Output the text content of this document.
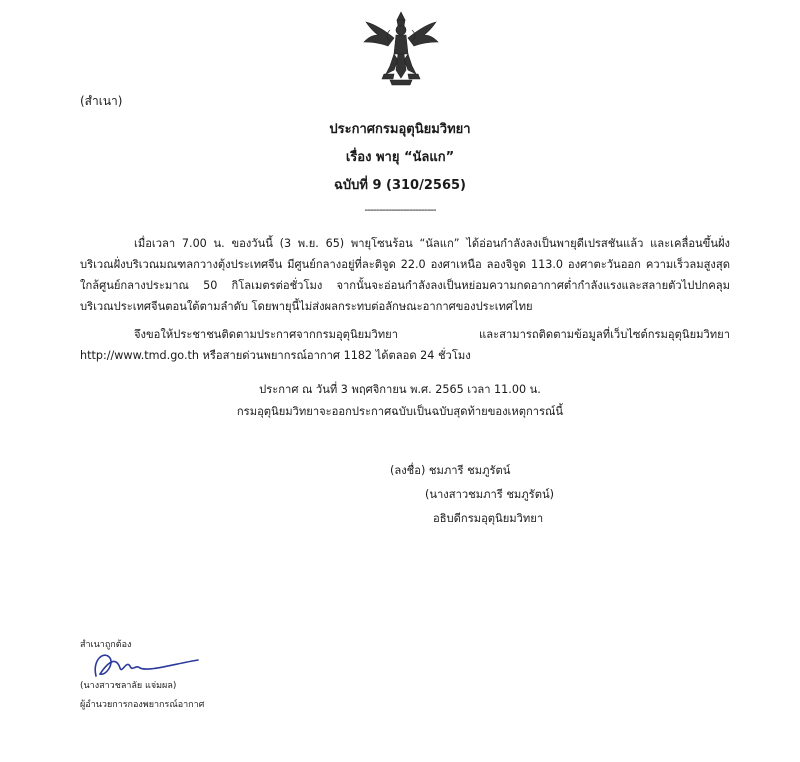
(สำเนา)
ประกาศกรมอุตุนิยมวิทยา
เรื่อง พายุ “นัลแก”
ฉบับที่ 9 (310/2565)
------------------------
เมื่อเวลา 7.00 น. ของวันนี้ (3 พ.ย. 65) พายุโซนร้อน “นัลแก” ได้อ่อนกำลังลงเป็นพายุดีเปรสชันแล้ว และเคลื่อนขึ้นฝั่งบริเวณฝั่งบริเวณมณฑลกวางตุ้งประเทศจีน มีศูนย์กลางอยู่ที่ละติจูด 22.0 องศาเหนือ ลองจิจูด 113.0 องศาตะวันออก ความเร็วลมสูงสุดใกล้ศูนย์กลางประมาณ 50 กิโลเมตรต่อชั่วโมง จากนั้นจะอ่อนกำลังลงเป็นหย่อมความกดอากาศต่ำกำลังแรงและสลายตัวไปปกคลุมบริเวณประเทศจีนตอนใต้ตามลำดับ โดยพายุนี้ไม่ส่งผลกระทบต่อลักษณะอากาศของประเทศไทย
จึงขอให้ประชาชนติดตามประกาศจากกรมอุตุนิยมวิทยา และสามารถติดตามข้อมูลที่เว็บไซต์กรมอุตุนิยมวิทยา http://www.tmd.go.th หรือสายด่วนพยากรณ์อากาศ 1182 ได้ตลอด 24 ชั่วโมง
ประกาศ ณ วันที่ 3 พฤศจิกายน พ.ศ. 2565 เวลา 11.00 น.
กรมอุตุนิยมวิทยาจะออกประกาศฉบับเป็นฉบับสุดท้ายของเหตุการณ์นี้
(ลงชื่อ) ชมภารี ชมภูรัตน์
(นางสาวชมภารี ชมภูรัตน์)
อธิบดีกรมอุตุนิยมวิทยา
สำเนาถูกต้อง
(นางสาวชลาลัย แจ่มผล)
ผู้อำนวยการกองพยากรณ์อากาศ
